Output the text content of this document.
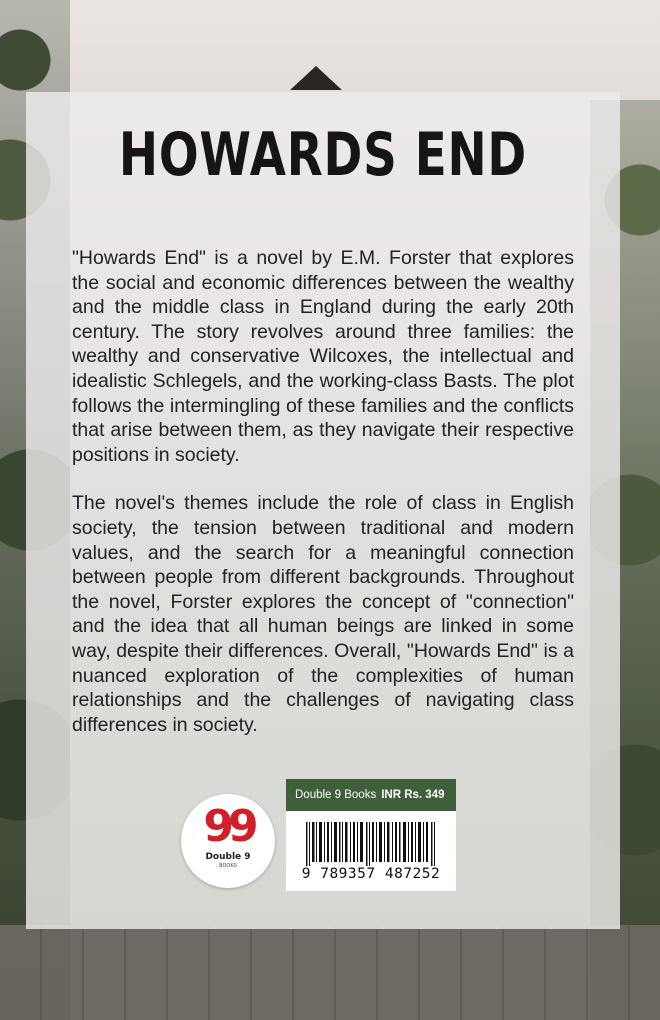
HOWARDS END

"Howards End" is a novel by E.M. Forster that explores the social and economic differences between the wealthy and the middle class in England during the early 20th century. The story revolves around three families: the wealthy and conservative Wilcoxes, the intellectual and idealistic Schlegels, and the working-class Basts. The plot follows the intermingling of these families and the conflicts that arise between them, as they navigate their respective positions in society.

The novel's themes include the role of class in English society, the tension between traditional and modern values, and the search for a meaningful connection between people from different backgrounds. Throughout the novel, Forster explores the concept of "connection" and the idea that all human beings are linked in some way, despite their differences. Overall, "Howards End" is a nuanced exploration of the complexities of human relationships and the challenges of navigating class differences in society.

99
Double 9
BOOKS
Double 9 Books INR Rs. 349
9 789357 487252
